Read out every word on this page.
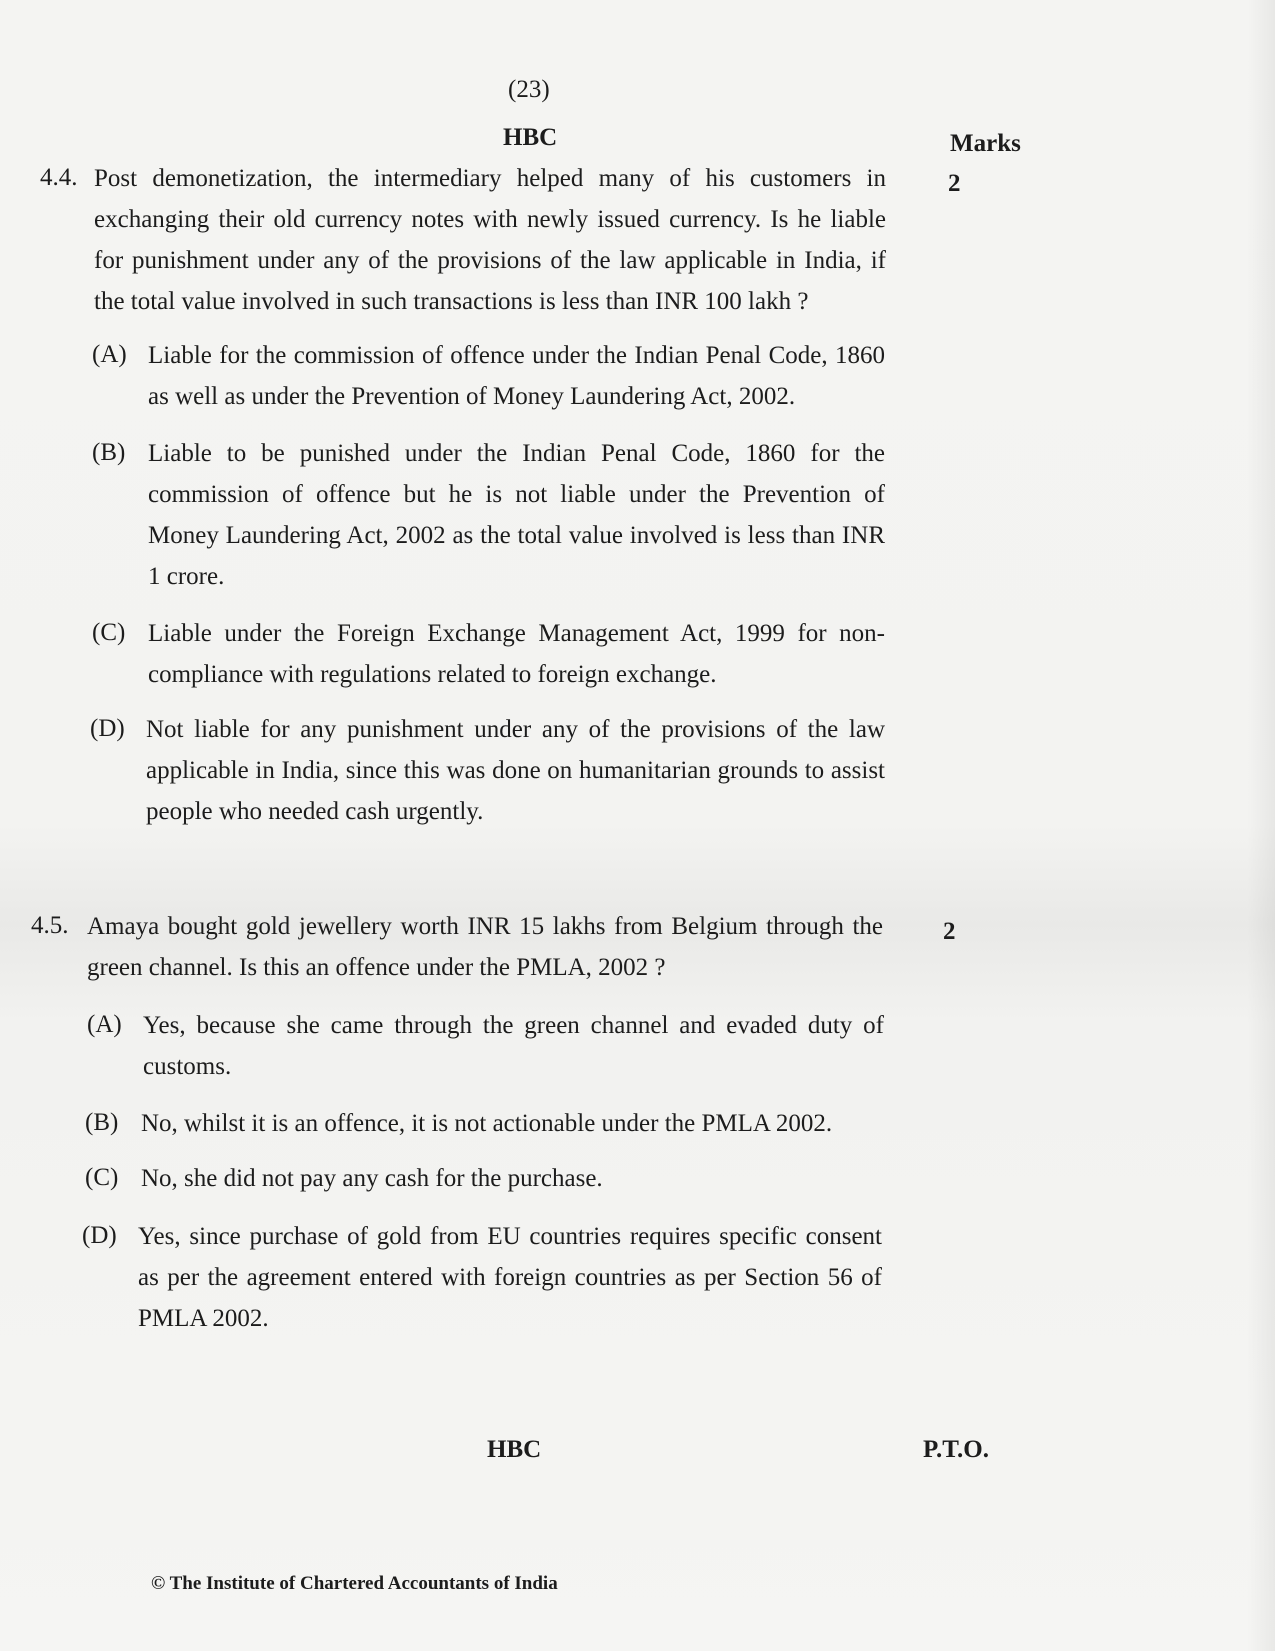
(23)
HBC	Marks
4.4. Post demonetization, the intermediary helped many of his customers in exchanging their old currency notes with newly issued currency. Is he liable for punishment under any of the provisions of the law applicable in India, if the total value involved in such transactions is less than INR 100 lakh ?
2
(A) Liable for the commission of offence under the Indian Penal Code, 1860 as well as under the Prevention of Money Laundering Act, 2002.
(B) Liable to be punished under the Indian Penal Code, 1860 for the commission of offence but he is not liable under the Prevention of Money Laundering Act, 2002 as the total value involved is less than INR 1 crore.
(C) Liable under the Foreign Exchange Management Act, 1999 for non-compliance with regulations related to foreign exchange.
(D) Not liable for any punishment under any of the provisions of the law applicable in India, since this was done on humanitarian grounds to assist people who needed cash urgently.
4.5. Amaya bought gold jewellery worth INR 15 lakhs from Belgium through the green channel. Is this an offence under the PMLA, 2002 ?
2
(A) Yes, because she came through the green channel and evaded duty of customs.
(B) No, whilst it is an offence, it is not actionable under the PMLA 2002.
(C) No, she did not pay any cash for the purchase.
(D) Yes, since purchase of gold from EU countries requires specific consent as per the agreement entered with foreign countries as per Section 56 of PMLA 2002.
HBC	P.T.O.
© The Institute of Chartered Accountants of India
